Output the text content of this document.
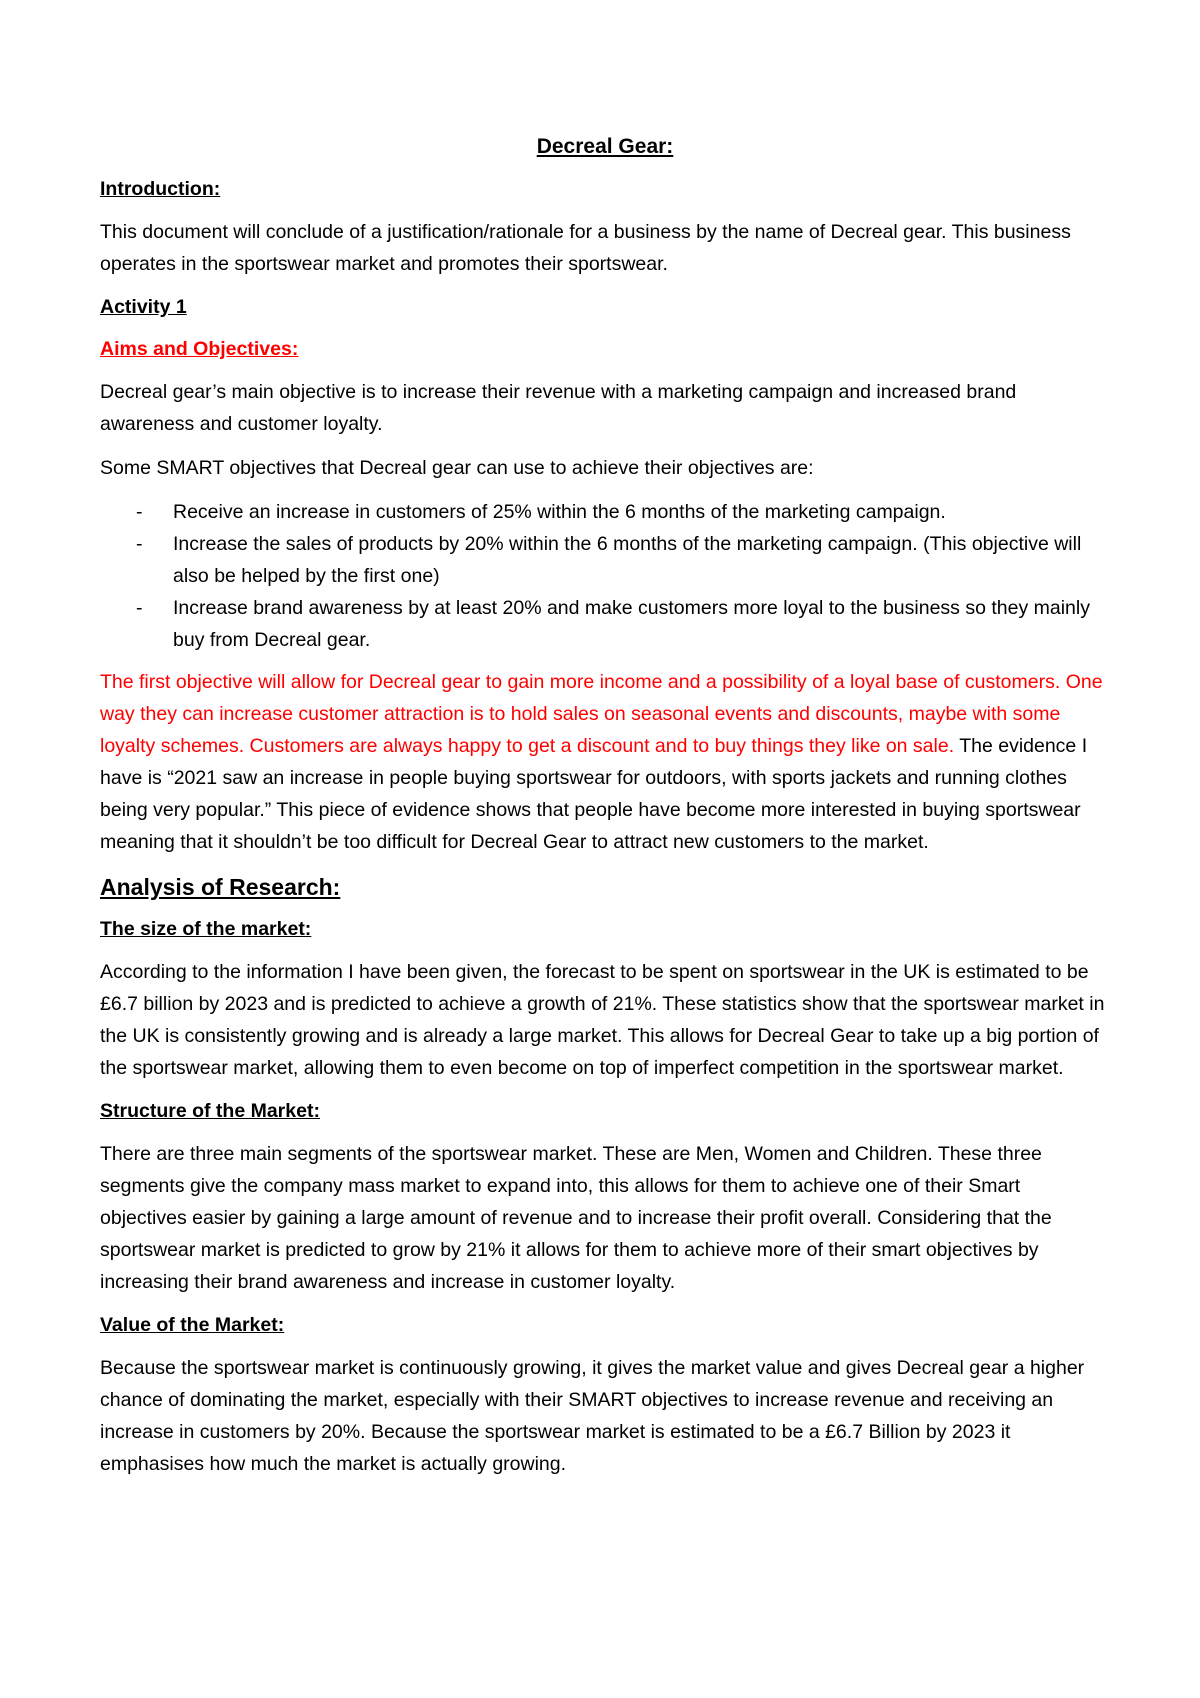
Decreal Gear:
Introduction:

This document will conclude of a justification/rationale for a business by the name of Decreal gear. This business operates in the sportswear market and promotes their sportswear.

Activity 1
Aims and Objectives:

Decreal gear’s main objective is to increase their revenue with a marketing campaign and increased brand awareness and customer loyalty.

Some SMART objectives that Decreal gear can use to achieve their objectives are:

- Receive an increase in customers of 25% within the 6 months of the marketing campaign.
- Increase the sales of products by 20% within the 6 months of the marketing campaign. (This objective will also be helped by the first one)
- Increase brand awareness by at least 20% and make customers more loyal to the business so they mainly buy from Decreal gear.

The first objective will allow for Decreal gear to gain more income and a possibility of a loyal base of customers. One way they can increase customer attraction is to hold sales on seasonal events and discounts, maybe with some loyalty schemes. Customers are always happy to get a discount and to buy things they like on sale. The evidence I have is “2021 saw an increase in people buying sportswear for outdoors, with sports jackets and running clothes being very popular.” This piece of evidence shows that people have become more interested in buying sportswear meaning that it shouldn’t be too difficult for Decreal Gear to attract new customers to the market.

Analysis of Research:
The size of the market:

According to the information I have been given, the forecast to be spent on sportswear in the UK is estimated to be £6.7 billion by 2023 and is predicted to achieve a growth of 21%. These statistics show that the sportswear market in the UK is consistently growing and is already a large market. This allows for Decreal Gear to take up a big portion of the sportswear market, allowing them to even become on top of imperfect competition in the sportswear market.

Structure of the Market:

There are three main segments of the sportswear market. These are Men, Women and Children. These three segments give the company mass market to expand into, this allows for them to achieve one of their Smart objectives easier by gaining a large amount of revenue and to increase their profit overall. Considering that the sportswear market is predicted to grow by 21% it allows for them to achieve more of their smart objectives by increasing their brand awareness and increase in customer loyalty.

Value of the Market:

Because the sportswear market is continuously growing, it gives the market value and gives Decreal gear a higher chance of dominating the market, especially with their SMART objectives to increase revenue and receiving an increase in customers by 20%. Because the sportswear market is estimated to be a £6.7 Billion by 2023 it emphasises how much the market is actually growing.
